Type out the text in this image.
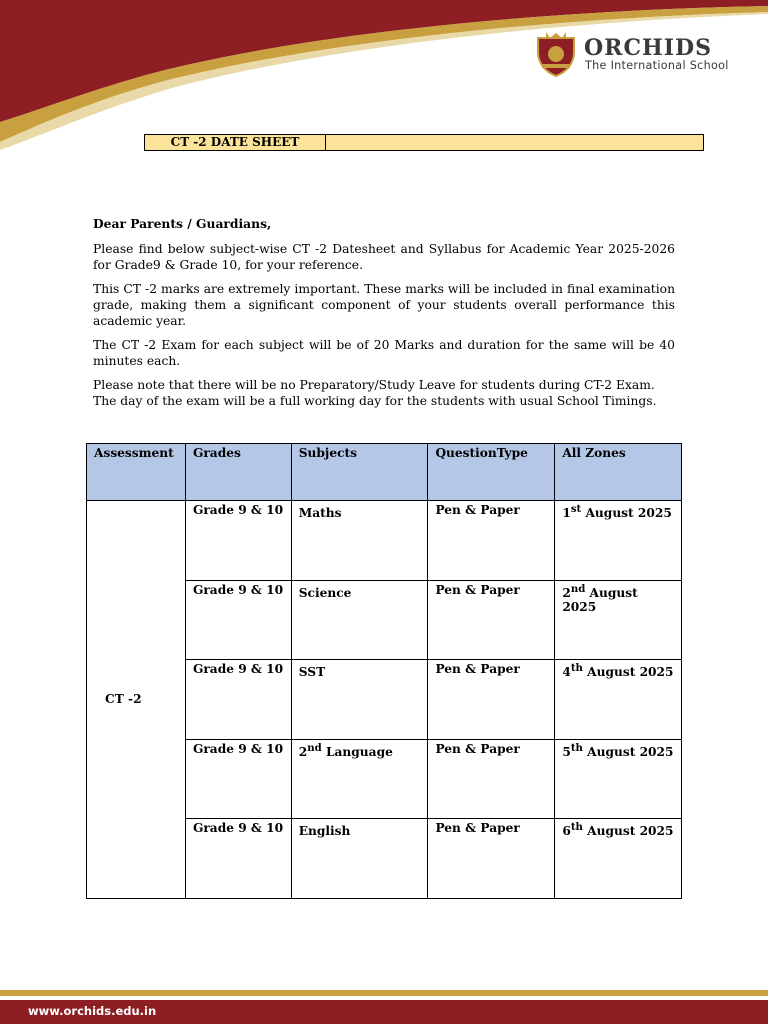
ORCHIDS
The International School
CT -2 DATE SHEET

Dear Parents / Guardians,

Please find below subject-wise CT -2 Datesheet and Syllabus for Academic Year 2025-2026 for Grade9 & Grade 10, for your reference.

This CT -2 marks are extremely important. These marks will be included in final examination grade, making them a significant component of your students overall performance this academic year.

The CT -2 Exam for each subject will be of 20 Marks and duration for the same will be 40 minutes each.

Please note that there will be no Preparatory/Study Leave for students during CT-2 Exam.
The day of the exam will be a full working day for the students with usual School Timings.

Assessment	Grades	Subjects	QuestionType	All Zones
CT -2	Grade 9 & 10	Maths	Pen & Paper	1st August 2025
	Grade 9 & 10	Science	Pen & Paper	2nd August 2025
	Grade 9 & 10	SST	Pen & Paper	4th August 2025
	Grade 9 & 10	2nd Language	Pen & Paper	5th August 2025
	Grade 9 & 10	English	Pen & Paper	6th August 2025
www.orchids.edu.in
